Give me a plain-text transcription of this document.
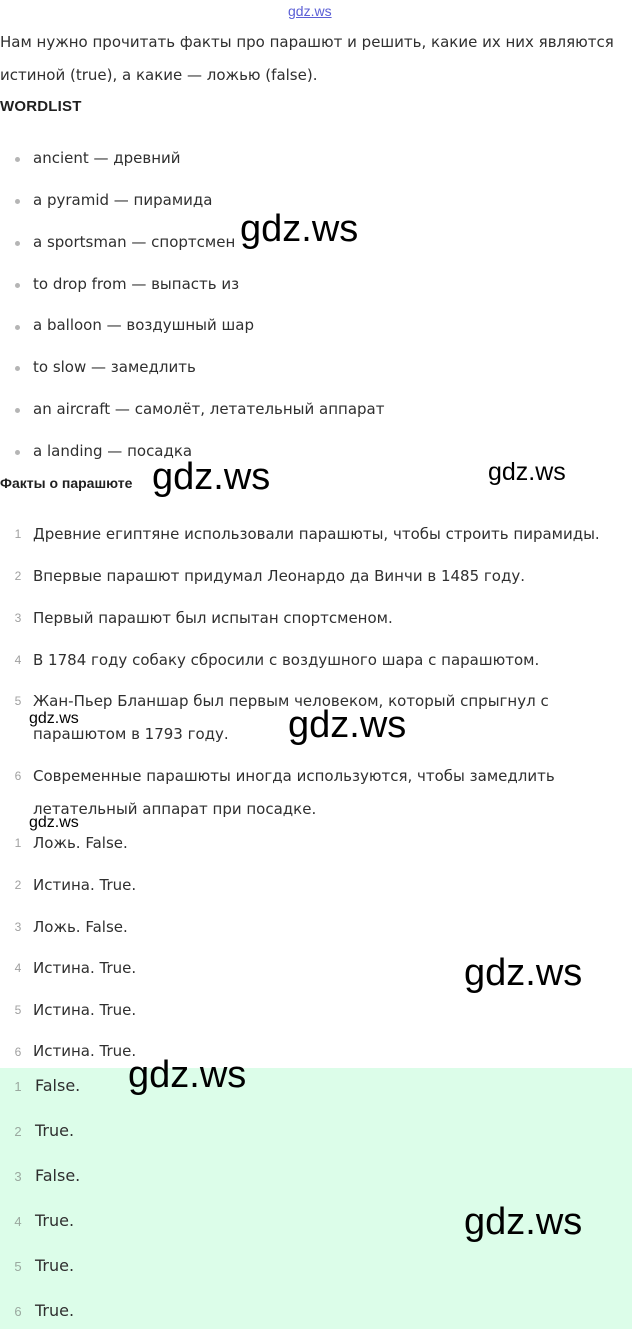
gdz.ws
Нам нужно прочитать факты про парашют и решить, какие их них являются
истиной (true), а какие — ложью (false).
WORDLIST
ancient — древний
a pyramid — пирамида
a sportsman — спортсмен
to drop from — выпасть из
a balloon — воздушный шар
to slow — замедлить
an aircraft — самолёт, летательный аппарат
a landing — посадка
Факты о парашюте
1 Древние египтяне использовали парашюты, чтобы строить пирамиды.
2 Впервые парашют придумал Леонардо да Винчи в 1485 году.
3 Первый парашют был испытан спортсменом.
4 В 1784 году собаку сбросили с воздушного шара с парашютом.
5 Жан-Пьер Бланшар был первым человеком, который спрыгнул с
парашютом в 1793 году.
6 Современные парашюты иногда используются, чтобы замедлить
летательный аппарат при посадке.
1 Ложь. False.
2 Истина. True.
3 Ложь. False.
4 Истина. True.
5 Истина. True.
6 Истина. True.
1 False.
2 True.
3 False.
4 True.
5 True.
6 True.
gdz.ws
gdz.ws	gdz.ws
gdz.ws	gdz.ws
gdz.ws
gdz.ws
gdz.ws
gdz.ws
